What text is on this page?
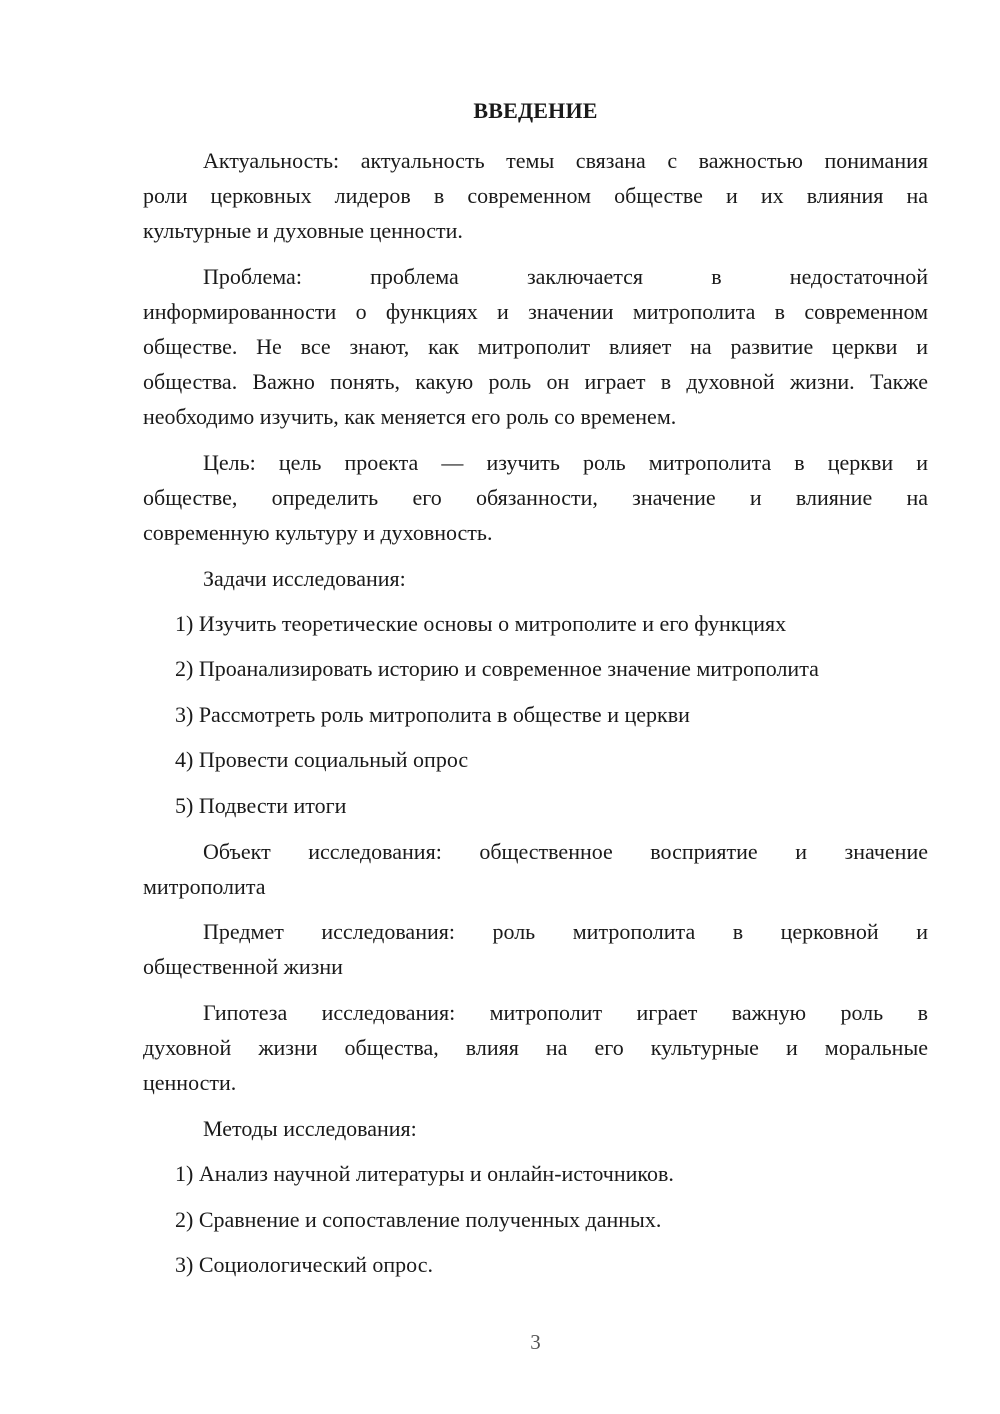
ВВЕДЕНИЕ
Актуальность: актуальность темы связана с важностью понимания
роли церковных лидеров в современном обществе и их влияния на
культурные и духовные ценности.
Проблема: проблема заключается в недостаточной
информированности о функциях и значении митрополита в современном
обществе. Не все знают, как митрополит влияет на развитие церкви и
общества. Важно понять, какую роль он играет в духовной жизни. Также
необходимо изучить, как меняется его роль со временем.
Цель: цель проекта — изучить роль митрополита в церкви и
обществе, определить его обязанности, значение и влияние на
современную культуру и духовность.
Задачи исследования:
1) Изучить теоретические основы о митрополите и его функциях
2) Проанализировать историю и современное значение митрополита
3) Рассмотреть роль митрополита в обществе и церкви
4) Провести социальный опрос
5) Подвести итоги
Объект исследования: общественное восприятие и значение
митрополита
Предмет исследования: роль митрополита в церковной и
общественной жизни
Гипотеза исследования: митрополит играет важную роль в
духовной жизни общества, влияя на его культурные и моральные
ценности.
Методы исследования:
1) Анализ научной литературы и онлайн-источников.
2) Сравнение и сопоставление полученных данных.
3) Социологический опрос.
3
